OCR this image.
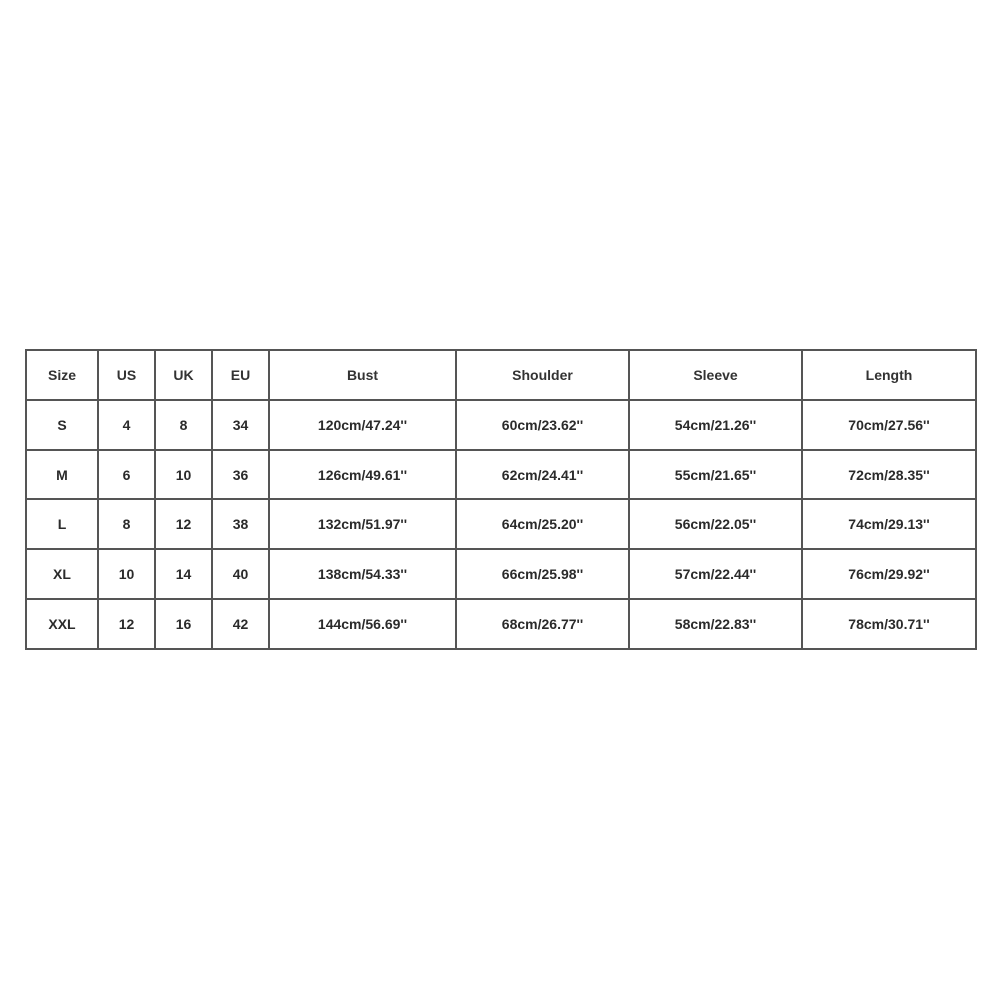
Size	US	UK	EU	Bust	Shoulder	Sleeve	Length
S	4	8	34	120cm/47.24''	60cm/23.62''	54cm/21.26''	70cm/27.56''
M	6	10	36	126cm/49.61''	62cm/24.41''	55cm/21.65''	72cm/28.35''
L	8	12	38	132cm/51.97''	64cm/25.20''	56cm/22.05''	74cm/29.13''
XL	10	14	40	138cm/54.33''	66cm/25.98''	57cm/22.44''	76cm/29.92''
XXL	12	16	42	144cm/56.69''	68cm/26.77''	58cm/22.83''	78cm/30.71''
